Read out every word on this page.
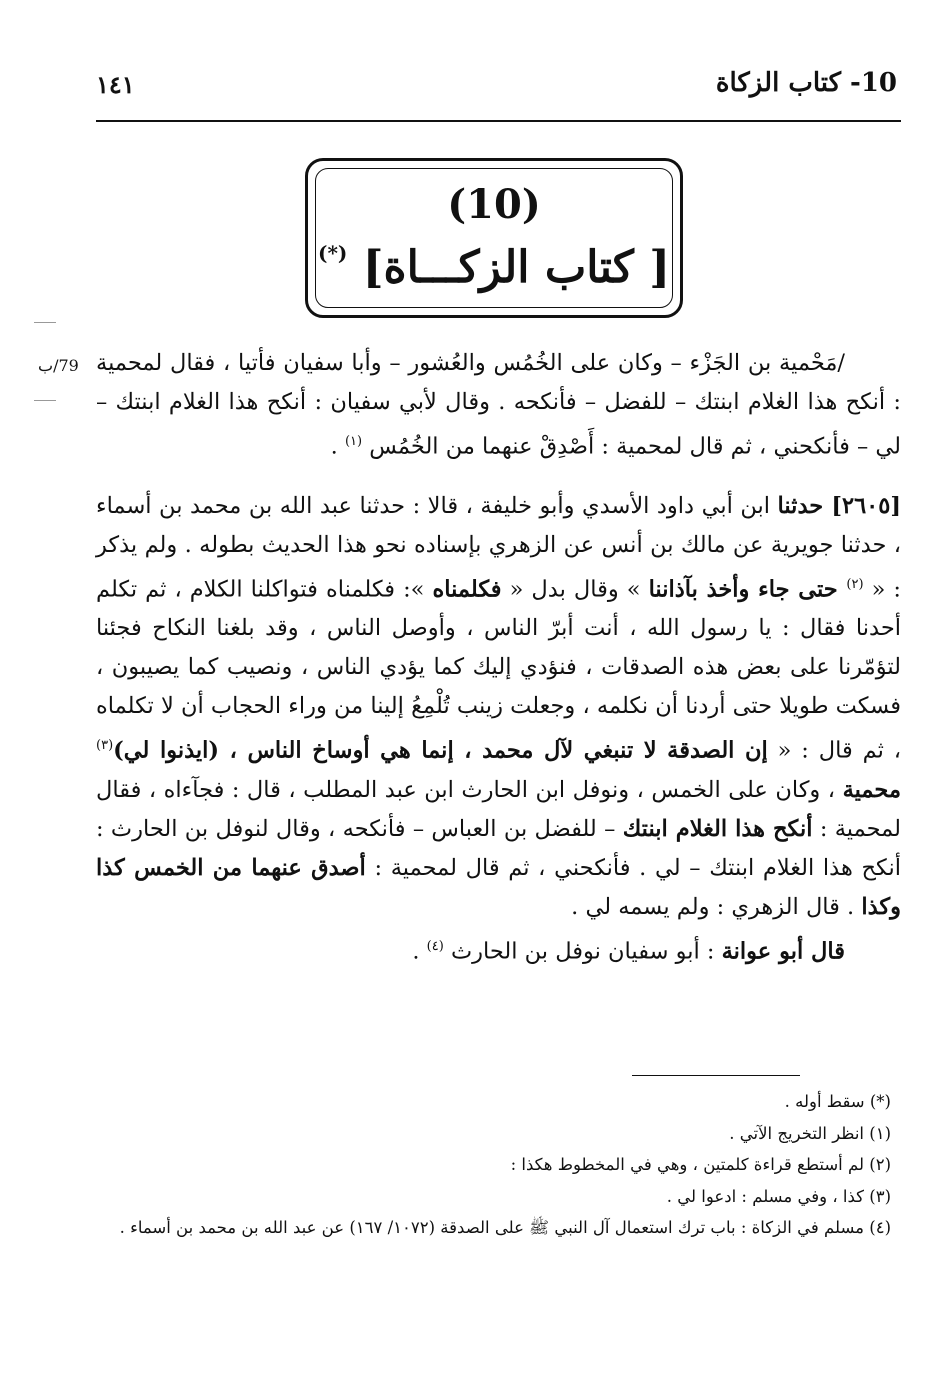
10- كتاب الزكاة
١٤١
(10)
[ كتاب الزكـــاة] (*)
79/ب /مَحْمية بن الجَزْء – وكان على الخُمُس والعُشور – وأبا سفيان فأتيا ، فقال لمحمية : أنكح هذا الغلام ابنتك – للفضل – فأنكحه . وقال لأبي سفيان : أنكح هذا الغلام ابنتك – لي – فأنكحني ، ثم قال لمحمية : أَصْدِقْ عنهما من الخُمُس $^{(١)}$ .

[٢٦٠٥] حدثنا ابن أبي داود الأسدي وأبو خليفة ، قالا : حدثنا عبد الله بن محمد بن أسماء ، حدثنا جويرية عن مالك بن أنس عن الزهري بإسناده نحو هذا الحديث بطوله . ولم يذكر : « $^{(٢)}$ حتى جاء وأخذ بآذاننا » وقال بدل « فكلمناه »: فكلمناه فتواكلنا الكلام ، ثم تكلم أحدنا فقال : يا رسول الله ، أنت أبرّ الناس ، وأوصل الناس ، وقد بلغنا النكاح فجئنا لتؤمّرنا على بعض هذه الصدقات ، فنؤدي إليك كما يؤدي الناس ، ونصيب كما يصيبون ، فسكت طويلا حتى أردنا أن نكلمه ، وجعلت زينب تُلْمِعُ إلينا من وراء الحجاب أن لا تكلماه ، ثم قال : « إن الصدقة لا تنبغي لآل محمد ، إنما هي أوساخ الناس ، (ايذنوا لي)$^{(٣)}$ محمية ، وكان على الخمس ، ونوفل ابن الحارث ابن عبد المطلب ، قال : فجآءاه ، فقال لمحمية : أنكح هذا الغلام ابنتك – للفضل بن العباس – فأنكحه ، وقال لنوفل بن الحارث : أنكح هذا الغلام ابنتك – لي . فأنكحني ، ثم قال لمحمية : أصدق عنهما من الخمس كذا وكذا . قال الزهري : ولم يسمه لي .

قال أبو عوانة : أبو سفيان نوفل بن الحارث $^{(٤)}$ .

(*) سقط أوله .
(١) انظر التخريج الآتي .
(٢) لم أستطع قراءة كلمتين ، وهي في المخطوط هكذا :
(٣) كذا ، وفي مسلم : ادعوا لي .
(٤) مسلم في الزكاة : باب ترك استعمال آل النبي ﷺ على الصدقة (١٠٧٢/ ١٦٧) عن عبد الله بن محمد بن أسماء .
